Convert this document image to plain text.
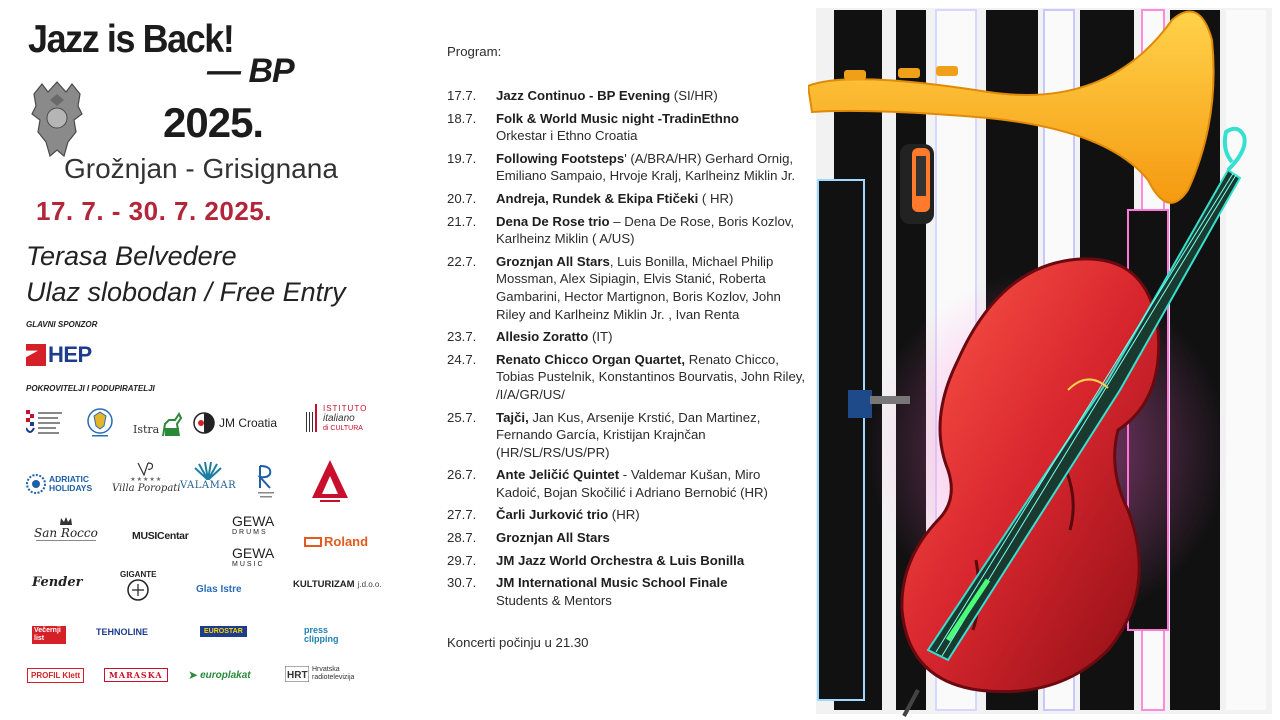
Jazz is Back!
— BP
2025.
Grožnjan - Grisignana
17. 7. - 30. 7. 2025.
Terasa Belvedere
Ulaz slobodan / Free Entry
GLAVNI SPONZOR
HEP
POKROVITELJI I PODUPIRATELJI
Istra	JM Croatia
ISTITUTO
italiano
di CULTURA
ADRIATIC
HOLIDAYS
★★★★★
Villa Poropati VALAMAR
San Rocco	MUSICentar
GEWA
DRUMS
GEWA
MUSIC
Roland
Fender
GIGANTE
Glas Istre	KULTURIZAM j.d.o.o.
Večernji list
TEHNOLINE	EUROSTAR	press clipping
PROFIL Klett	MARASKA	➤ europlakat	HRT
Hrvatska
radiotelevizija
Program:
17.7.	Jazz Continuo - BP Evening (SI/HR)
18.7.	Folk & World Music night -TradinEthno
Orkestar i Ethno Croatia
19.7.	Following Footsteps' (A/BRA/HR) Gerhard Ornig, Emiliano Sampaio, Hrvoje Kralj, Karlheinz Miklin Jr.
20.7.	Andreja, Rundek & Ekipa Ftičeki ( HR)
21.7.	Dena De Rose trio – Dena De Rose, Boris Kozlov, Karlheinz Miklin ( A/US)
22.7.	Groznjan All Stars, Luis Bonilla, Michael Philip Mossman, Alex Sipiagin, Elvis Stanić, Roberta Gambarini, Hector Martignon, Boris Kozlov, John Riley and Karlheinz Miklin Jr. , Ivan Renta
23.7.	Allesio Zoratto (IT)
24.7.	Renato Chicco Organ Quartet, Renato Chicco, Tobias Pustelnik, Konstantinos Bourvatis, John Riley, /I/A/GR/US/
25.7.	Tajči, Jan Kus, Arsenije Krstić, Dan Martinez, Fernando García, Kristijan Krajnčan (HR/SL/RS/US/PR)
26.7.	Ante Jeličić Quintet - Valdemar Kušan, Miro Kadoić, Bojan Skočilić i Adriano Bernobić (HR)
27.7.	Čarli Jurković trio (HR)
28.7.	Groznjan All Stars
29.7.	JM Jazz World Orchestra & Luis Bonilla
30.7.	JM International Music School Finale
Students & Mentors
Koncerti počinju u 21.30
